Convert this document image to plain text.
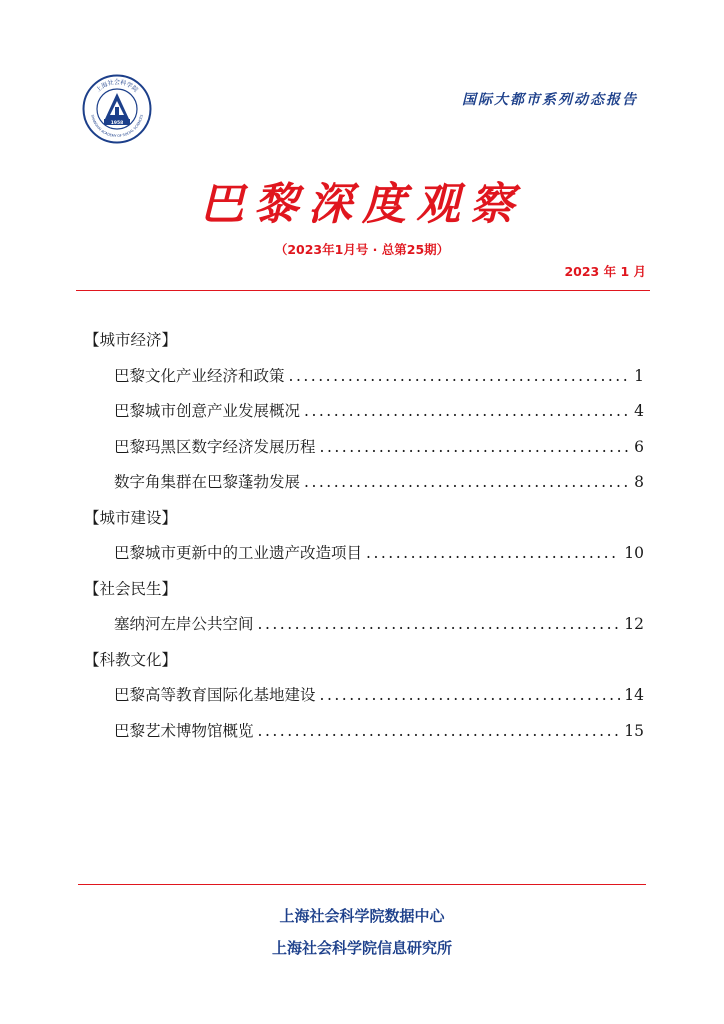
上海社会科学院
SHANGHAI ACADEMY OF SOCIAL SCIENCES
1958
国际大都市系列动态报告
巴黎深度观察
（2023年1月号 · 总第25期）
2023 年 1 月
【城市经济】
巴黎文化产业经济和政策 .....	1
巴黎城市创意产业发展概况 .....	4
巴黎玛黑区数字经济发展历程 .....	6
数字角集群在巴黎蓬勃发展 .....	8
【城市建设】
巴黎城市更新中的工业遗产改造项目 .....	10
【社会民生】
塞纳河左岸公共空间 .....	12
【科教文化】
巴黎高等教育国际化基地建设 .....	14
巴黎艺术博物馆概览 .....	15
上海社会科学院数据中心
上海社会科学院信息研究所
